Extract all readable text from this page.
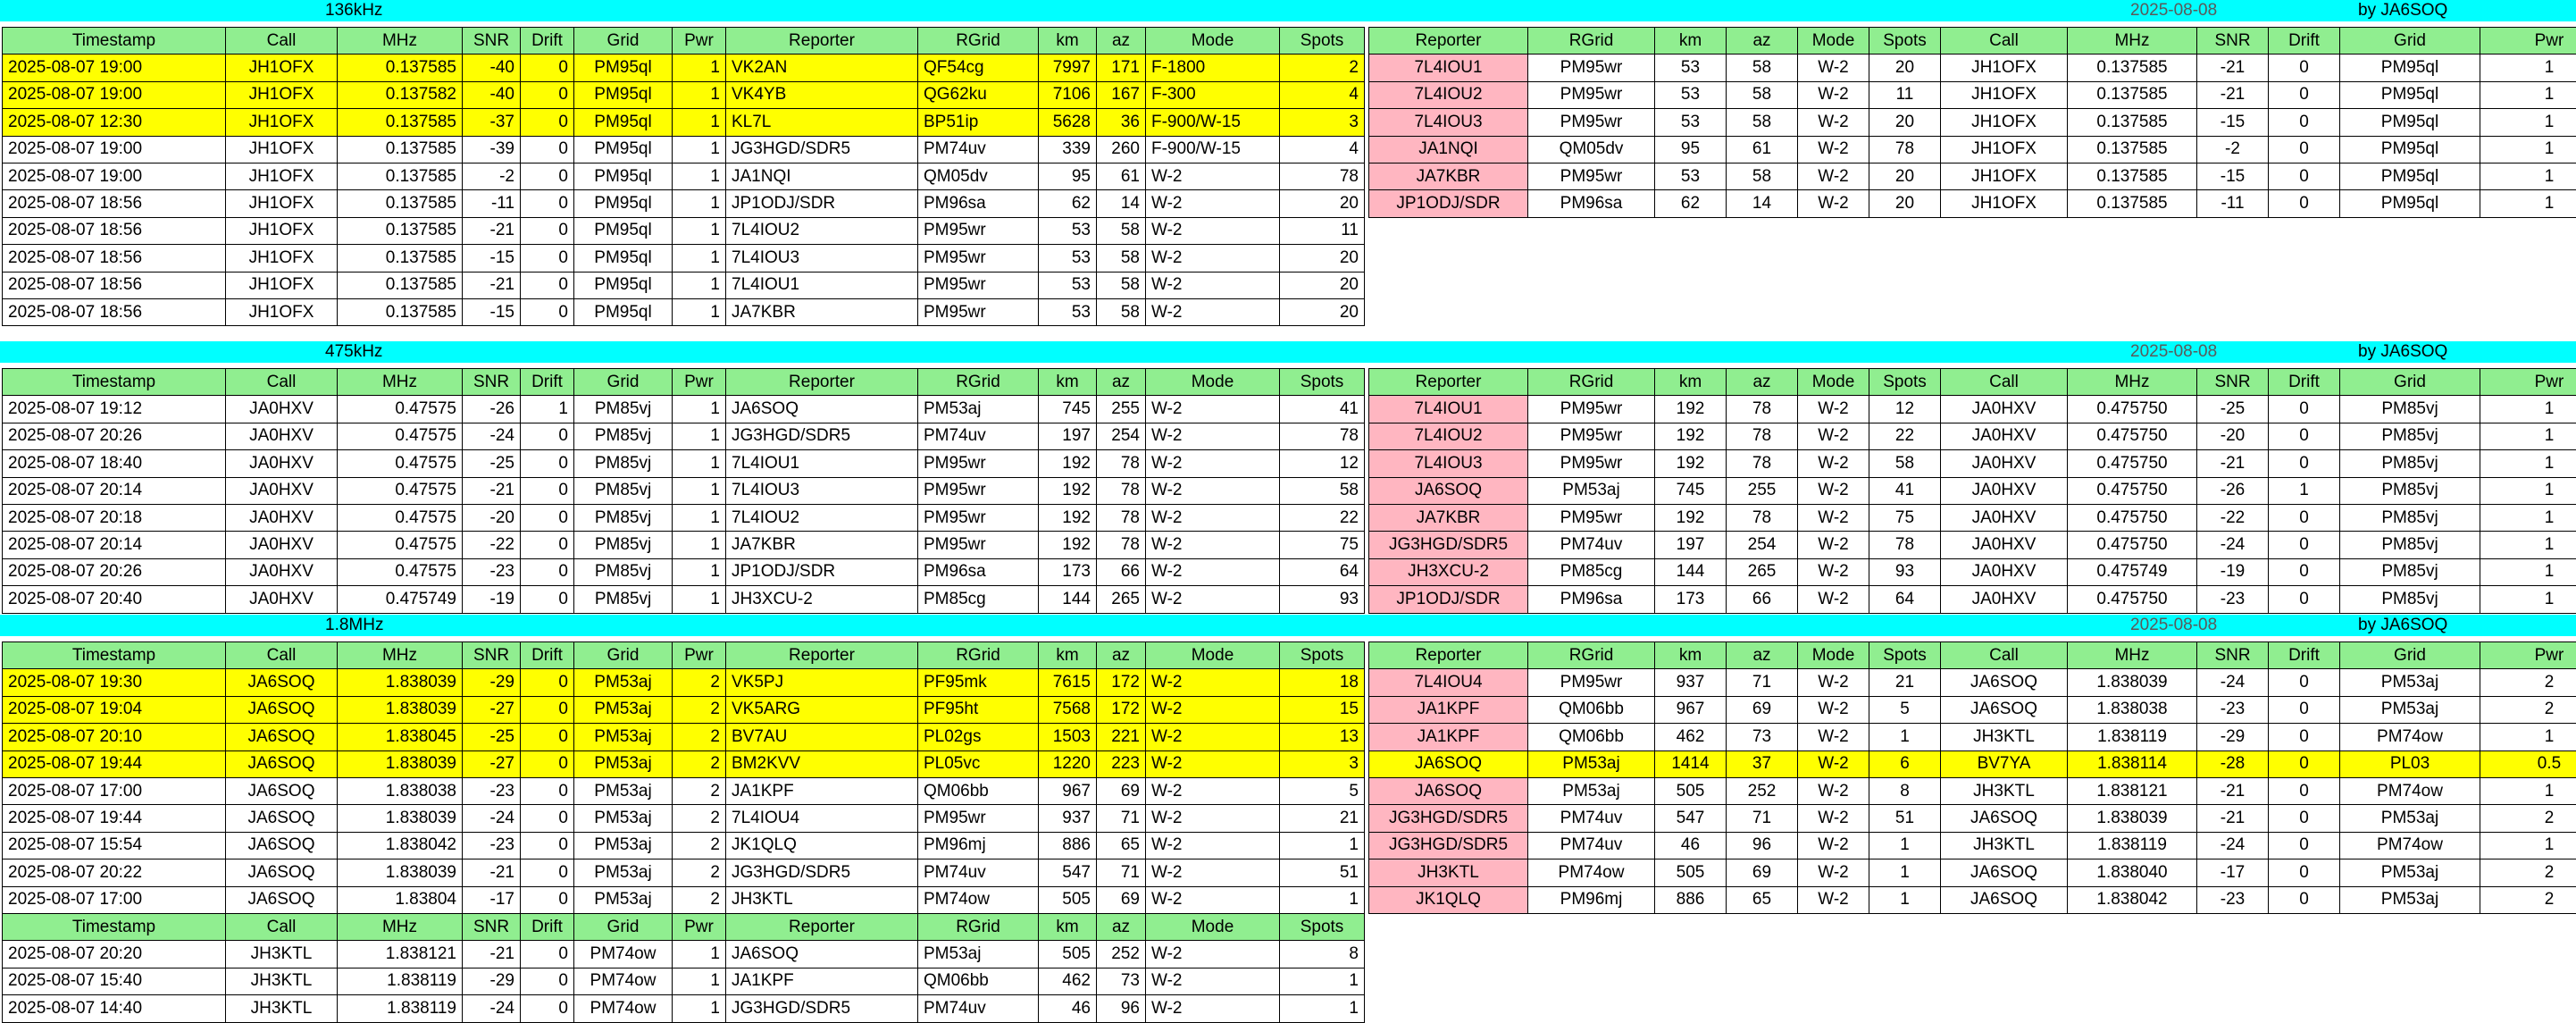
136kHz	2025-08-08	by JA6SOQ
Timestamp	Call	MHz	SNR	Drift	Grid	Pwr	Reporter	RGrid	km	az	Mode	Spots
2025-08-07 19:00	JH1OFX	0.137585	-40	0	PM95ql	1	VK2AN	QF54cg	7997	171	F-1800	2
2025-08-07 19:00	JH1OFX	0.137582	-40	0	PM95ql	1	VK4YB	QG62ku	7106	167	F-300	4
2025-08-07 12:30	JH1OFX	0.137585	-37	0	PM95ql	1	KL7L	BP51ip	5628	36	F-900/W-15	3
2025-08-07 19:00	JH1OFX	0.137585	-39	0	PM95ql	1	JG3HGD/SDR5	PM74uv	339	260	F-900/W-15	4
2025-08-07 19:00	JH1OFX	0.137585	-2	0	PM95ql	1	JA1NQI	QM05dv	95	61	W-2	78
2025-08-07 18:56	JH1OFX	0.137585	-11	0	PM95ql	1	JP1ODJ/SDR	PM96sa	62	14	W-2	20
2025-08-07 18:56	JH1OFX	0.137585	-21	0	PM95ql	1	7L4IOU2	PM95wr	53	58	W-2	11
2025-08-07 18:56	JH1OFX	0.137585	-15	0	PM95ql	1	7L4IOU3	PM95wr	53	58	W-2	20
2025-08-07 18:56	JH1OFX	0.137585	-21	0	PM95ql	1	7L4IOU1	PM95wr	53	58	W-2	20
2025-08-07 18:56	JH1OFX	0.137585	-15	0	PM95ql	1	JA7KBR	PM95wr	53	58	W-2	20
Reporter	RGrid	km	az	Mode	Spots	Call	MHz	SNR	Drift	Grid	Pwr
7L4IOU1	PM95wr	53	58	W-2	20	JH1OFX	0.137585	-21	0	PM95ql	1
7L4IOU2	PM95wr	53	58	W-2	11	JH1OFX	0.137585	-21	0	PM95ql	1
7L4IOU3	PM95wr	53	58	W-2	20	JH1OFX	0.137585	-15	0	PM95ql	1
JA1NQI	QM05dv	95	61	W-2	78	JH1OFX	0.137585	-2	0	PM95ql	1
JA7KBR	PM95wr	53	58	W-2	20	JH1OFX	0.137585	-15	0	PM95ql	1
JP1ODJ/SDR	PM96sa	62	14	W-2	20	JH1OFX	0.137585	-11	0	PM95ql	1
475kHz	2025-08-08	by JA6SOQ
Timestamp	Call	MHz	SNR	Drift	Grid	Pwr	Reporter	RGrid	km	az	Mode	Spots
2025-08-07 19:12	JA0HXV	0.47575	-26	1	PM85vj	1	JA6SOQ	PM53aj	745	255	W-2	41
2025-08-07 20:26	JA0HXV	0.47575	-24	0	PM85vj	1	JG3HGD/SDR5	PM74uv	197	254	W-2	78
2025-08-07 18:40	JA0HXV	0.47575	-25	0	PM85vj	1	7L4IOU1	PM95wr	192	78	W-2	12
2025-08-07 20:14	JA0HXV	0.47575	-21	0	PM85vj	1	7L4IOU3	PM95wr	192	78	W-2	58
2025-08-07 20:18	JA0HXV	0.47575	-20	0	PM85vj	1	7L4IOU2	PM95wr	192	78	W-2	22
2025-08-07 20:14	JA0HXV	0.47575	-22	0	PM85vj	1	JA7KBR	PM95wr	192	78	W-2	75
2025-08-07 20:26	JA0HXV	0.47575	-23	0	PM85vj	1	JP1ODJ/SDR	PM96sa	173	66	W-2	64
2025-08-07 20:40	JA0HXV	0.475749	-19	0	PM85vj	1	JH3XCU-2	PM85cg	144	265	W-2	93
Reporter	RGrid	km	az	Mode	Spots	Call	MHz	SNR	Drift	Grid	Pwr
7L4IOU1	PM95wr	192	78	W-2	12	JA0HXV	0.475750	-25	0	PM85vj	1
7L4IOU2	PM95wr	192	78	W-2	22	JA0HXV	0.475750	-20	0	PM85vj	1
7L4IOU3	PM95wr	192	78	W-2	58	JA0HXV	0.475750	-21	0	PM85vj	1
JA6SOQ	PM53aj	745	255	W-2	41	JA0HXV	0.475750	-26	1	PM85vj	1
JA7KBR	PM95wr	192	78	W-2	75	JA0HXV	0.475750	-22	0	PM85vj	1
JG3HGD/SDR5	PM74uv	197	254	W-2	78	JA0HXV	0.475750	-24	0	PM85vj	1
JH3XCU-2	PM85cg	144	265	W-2	93	JA0HXV	0.475749	-19	0	PM85vj	1
JP1ODJ/SDR	PM96sa	173	66	W-2	64	JA0HXV	0.475750	-23	0	PM85vj	1
1.8MHz	2025-08-08	by JA6SOQ
Timestamp	Call	MHz	SNR	Drift	Grid	Pwr	Reporter	RGrid	km	az	Mode	Spots
2025-08-07 19:30	JA6SOQ	1.838039	-29	0	PM53aj	2	VK5PJ	PF95mk	7615	172	W-2	18
2025-08-07 19:04	JA6SOQ	1.838039	-27	0	PM53aj	2	VK5ARG	PF95ht	7568	172	W-2	15
2025-08-07 20:10	JA6SOQ	1.838045	-25	0	PM53aj	2	BV7AU	PL02gs	1503	221	W-2	13
2025-08-07 19:44	JA6SOQ	1.838039	-27	0	PM53aj	2	BM2KVV	PL05vc	1220	223	W-2	3
2025-08-07 17:00	JA6SOQ	1.838038	-23	0	PM53aj	2	JA1KPF	QM06bb	967	69	W-2	5
2025-08-07 19:44	JA6SOQ	1.838039	-24	0	PM53aj	2	7L4IOU4	PM95wr	937	71	W-2	21
2025-08-07 15:54	JA6SOQ	1.838042	-23	0	PM53aj	2	JK1QLQ	PM96mj	886	65	W-2	1
2025-08-07 20:22	JA6SOQ	1.838039	-21	0	PM53aj	2	JG3HGD/SDR5	PM74uv	547	71	W-2	51
2025-08-07 17:00	JA6SOQ	1.83804	-17	0	PM53aj	2	JH3KTL	PM74ow	505	69	W-2	1
Timestamp	Call	MHz	SNR	Drift	Grid	Pwr	Reporter	RGrid	km	az	Mode	Spots
2025-08-07 20:20	JH3KTL	1.838121	-21	0	PM74ow	1	JA6SOQ	PM53aj	505	252	W-2	8
2025-08-07 15:40	JH3KTL	1.838119	-29	0	PM74ow	1	JA1KPF	QM06bb	462	73	W-2	1
2025-08-07 14:40	JH3KTL	1.838119	-24	0	PM74ow	1	JG3HGD/SDR5	PM74uv	46	96	W-2	1
Reporter	RGrid	km	az	Mode	Spots	Call	MHz	SNR	Drift	Grid	Pwr
7L4IOU4	PM95wr	937	71	W-2	21	JA6SOQ	1.838039	-24	0	PM53aj	2
JA1KPF	QM06bb	967	69	W-2	5	JA6SOQ	1.838038	-23	0	PM53aj	2
JA1KPF	QM06bb	462	73	W-2	1	JH3KTL	1.838119	-29	0	PM74ow	1
JA6SOQ	PM53aj	1414	37	W-2	6	BV7YA	1.838114	-28	0	PL03	0.5
JA6SOQ	PM53aj	505	252	W-2	8	JH3KTL	1.838121	-21	0	PM74ow	1
JG3HGD/SDR5	PM74uv	547	71	W-2	51	JA6SOQ	1.838039	-21	0	PM53aj	2
JG3HGD/SDR5	PM74uv	46	96	W-2	1	JH3KTL	1.838119	-24	0	PM74ow	1
JH3KTL	PM74ow	505	69	W-2	1	JA6SOQ	1.838040	-17	0	PM53aj	2
JK1QLQ	PM96mj	886	65	W-2	1	JA6SOQ	1.838042	-23	0	PM53aj	2
